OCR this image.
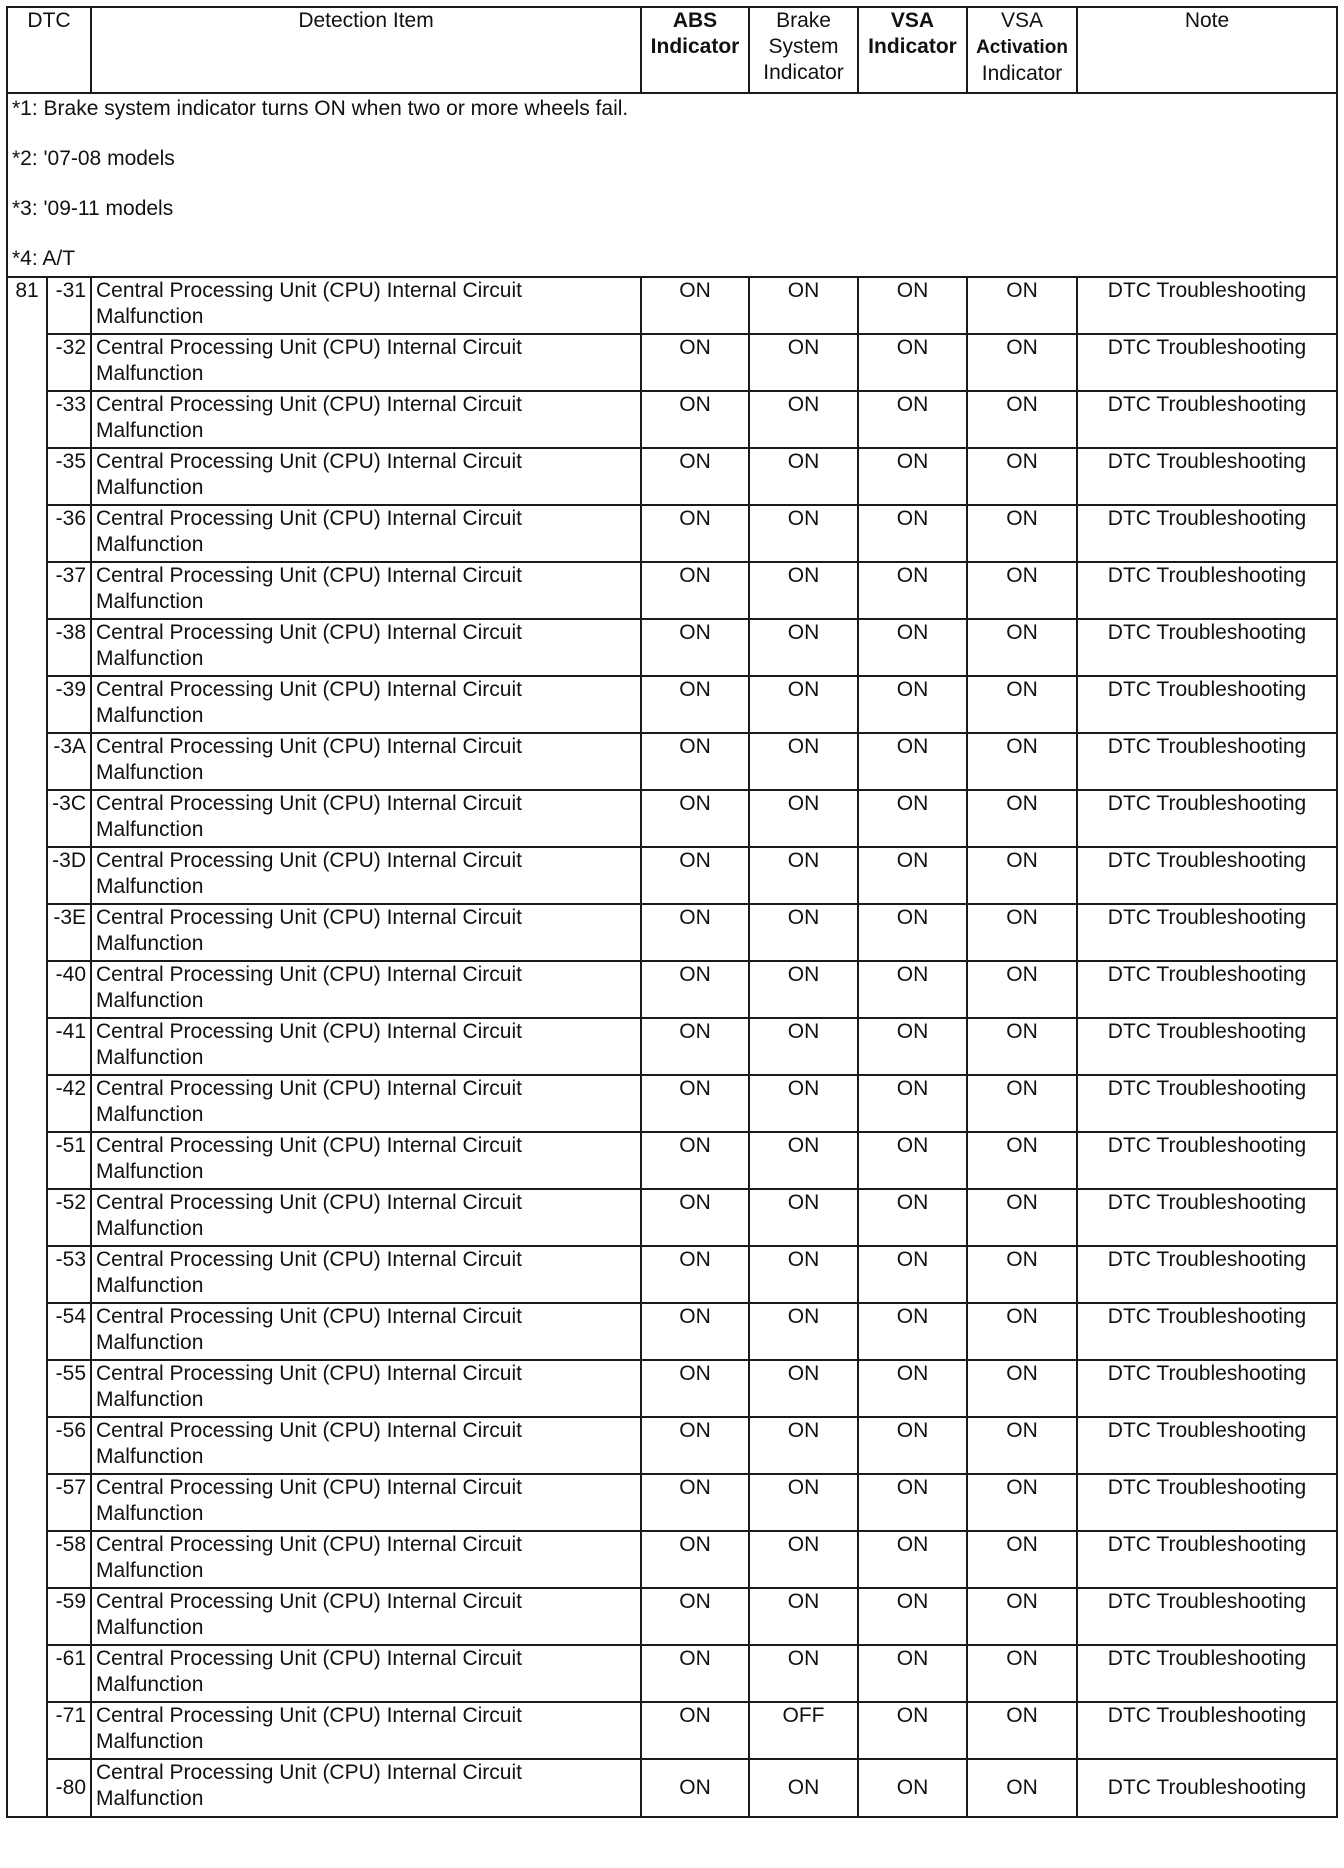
DTC		Detection Item	ABS
Indicator	Brake
System
Indicator	VSA
Indicator	VSA
Activation
Indicator	Note

*1: Brake system indicator turns ON when two or more wheels fail.
*2: '07-08 models
*3: '09-11 models
*4: A/T							

81	-31	Central Processing Unit (CPU) Internal Circuit
Malfunction	ON	ON	ON	ON	DTC Troubleshooting
	-32	Central Processing Unit (CPU) Internal Circuit
Malfunction	ON	ON	ON	ON	DTC Troubleshooting
	-33	Central Processing Unit (CPU) Internal Circuit
Malfunction	ON	ON	ON	ON	DTC Troubleshooting
	-35	Central Processing Unit (CPU) Internal Circuit
Malfunction	ON	ON	ON	ON	DTC Troubleshooting
	-36	Central Processing Unit (CPU) Internal Circuit
Malfunction	ON	ON	ON	ON	DTC Troubleshooting
	-37	Central Processing Unit (CPU) Internal Circuit
Malfunction	ON	ON	ON	ON	DTC Troubleshooting
	-38	Central Processing Unit (CPU) Internal Circuit
Malfunction	ON	ON	ON	ON	DTC Troubleshooting
	-39	Central Processing Unit (CPU) Internal Circuit
Malfunction	ON	ON	ON	ON	DTC Troubleshooting
	-3A	Central Processing Unit (CPU) Internal Circuit
Malfunction	ON	ON	ON	ON	DTC Troubleshooting
	-3C	Central Processing Unit (CPU) Internal Circuit
Malfunction	ON	ON	ON	ON	DTC Troubleshooting
	-3D	Central Processing Unit (CPU) Internal Circuit
Malfunction	ON	ON	ON	ON	DTC Troubleshooting
	-3E	Central Processing Unit (CPU) Internal Circuit
Malfunction	ON	ON	ON	ON	DTC Troubleshooting
	-40	Central Processing Unit (CPU) Internal Circuit
Malfunction	ON	ON	ON	ON	DTC Troubleshooting
	-41	Central Processing Unit (CPU) Internal Circuit
Malfunction	ON	ON	ON	ON	DTC Troubleshooting
	-42	Central Processing Unit (CPU) Internal Circuit
Malfunction	ON	ON	ON	ON	DTC Troubleshooting
	-51	Central Processing Unit (CPU) Internal Circuit
Malfunction	ON	ON	ON	ON	DTC Troubleshooting
	-52	Central Processing Unit (CPU) Internal Circuit
Malfunction	ON	ON	ON	ON	DTC Troubleshooting
	-53	Central Processing Unit (CPU) Internal Circuit
Malfunction	ON	ON	ON	ON	DTC Troubleshooting
	-54	Central Processing Unit (CPU) Internal Circuit
Malfunction	ON	ON	ON	ON	DTC Troubleshooting
	-55	Central Processing Unit (CPU) Internal Circuit
Malfunction	ON	ON	ON	ON	DTC Troubleshooting
	-56	Central Processing Unit (CPU) Internal Circuit
Malfunction	ON	ON	ON	ON	DTC Troubleshooting
	-57	Central Processing Unit (CPU) Internal Circuit
Malfunction	ON	ON	ON	ON	DTC Troubleshooting
	-58	Central Processing Unit (CPU) Internal Circuit
Malfunction	ON	ON	ON	ON	DTC Troubleshooting
	-59	Central Processing Unit (CPU) Internal Circuit
Malfunction	ON	ON	ON	ON	DTC Troubleshooting
	-61	Central Processing Unit (CPU) Internal Circuit
Malfunction	ON	ON	ON	ON	DTC Troubleshooting
	-71	Central Processing Unit (CPU) Internal Circuit
Malfunction	ON	OFF	ON	ON	DTC Troubleshooting
	-80	Central Processing Unit (CPU) Internal Circuit
Malfunction	ON	ON	ON	ON	DTC Troubleshooting
